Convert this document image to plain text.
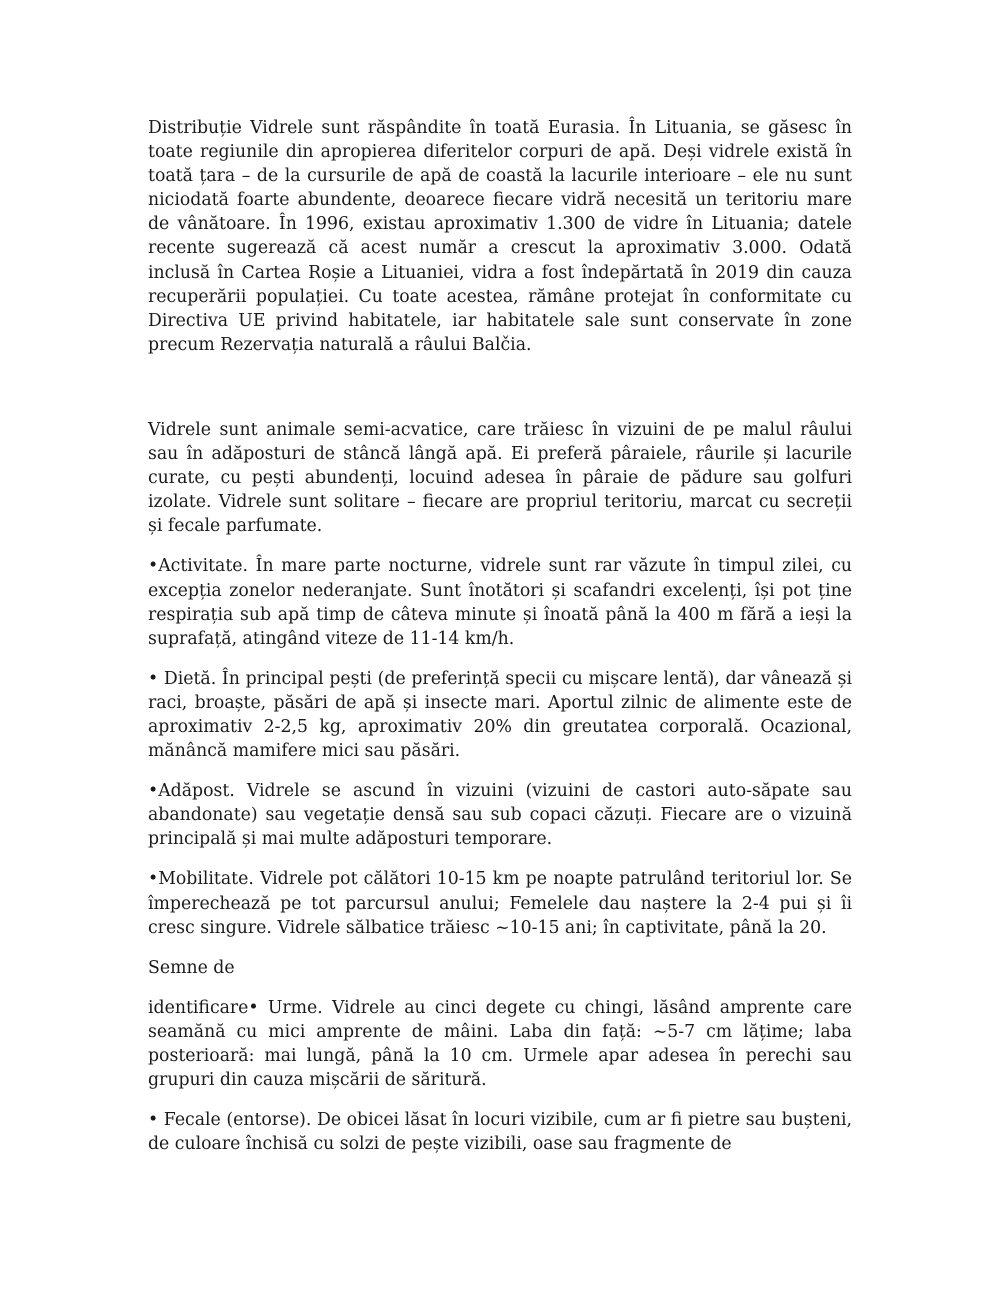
Distribuție Vidrele sunt răspândite în toată Eurasia. În Lituania, se găsesc în toate regiunile din apropierea diferitelor corpuri de apă. Deși vidrele există în toată țara – de la cursurile de apă de coastă la lacurile interioare – ele nu sunt niciodată foarte abundente, deoarece fiecare vidră necesită un teritoriu mare de vânătoare. În 1996, existau aproximativ 1.300 de vidre în Lituania; datele recente sugerează că acest număr a crescut la aproximativ 3.000. Odată inclusă în Cartea Roșie a Lituaniei, vidra a fost îndepărtată în 2019 din cauza recuperării populației. Cu toate acestea, rămâne protejat în conformitate cu Directiva UE privind habitatele, iar habitatele sale sunt conservate în zone precum Rezervația naturală a râului Balčia.

Vidrele sunt animale semi-acvatice, care trăiesc în vizuini de pe malul râului sau în adăposturi de stâncă lângă apă. Ei preferă pâraiele, râurile și lacurile curate, cu pești abundenți, locuind adesea în pâraie de pădure sau golfuri izolate. Vidrele sunt solitare – fiecare are propriul teritoriu, marcat cu secreții și fecale parfumate.

•Activitate. În mare parte nocturne, vidrele sunt rar văzute în timpul zilei, cu excepția zonelor nederanjate. Sunt înotători și scafandri excelenți, își pot ține respirația sub apă timp de câteva minute și înoată până la 400 m fără a ieși la suprafață, atingând viteze de 11-14 km/h.

• Dietă. În principal pești (de preferință specii cu mișcare lentă), dar vânează și raci, broaște, păsări de apă și insecte mari. Aportul zilnic de alimente este de aproximativ 2-2,5 kg, aproximativ 20% din greutatea corporală. Ocazional, mănâncă mamifere mici sau păsări.

•Adăpost. Vidrele se ascund în vizuini (vizuini de castori auto-săpate sau abandonate) sau vegetație densă sau sub copaci căzuți. Fiecare are o vizuină principală și mai multe adăposturi temporare.

•Mobilitate. Vidrele pot călători 10-15 km pe noapte patrulând teritoriul lor. Se împerechează pe tot parcursul anului; Femelele dau naștere la 2-4 pui și îi cresc singure. Vidrele sălbatice trăiesc ~10-15 ani; în captivitate, până la 20.

Semne de

identificare• Urme. Vidrele au cinci degete cu chingi, lăsând amprente care seamănă cu mici amprente de mâini. Laba din față: ~5-7 cm lățime; laba posterioară: mai lungă, până la 10 cm. Urmele apar adesea în perechi sau grupuri din cauza mișcării de săritură.

• Fecale (entorse). De obicei lăsat în locuri vizibile, cum ar fi pietre sau bușteni, de culoare închisă cu solzi de pește vizibili, oase sau fragmente de
